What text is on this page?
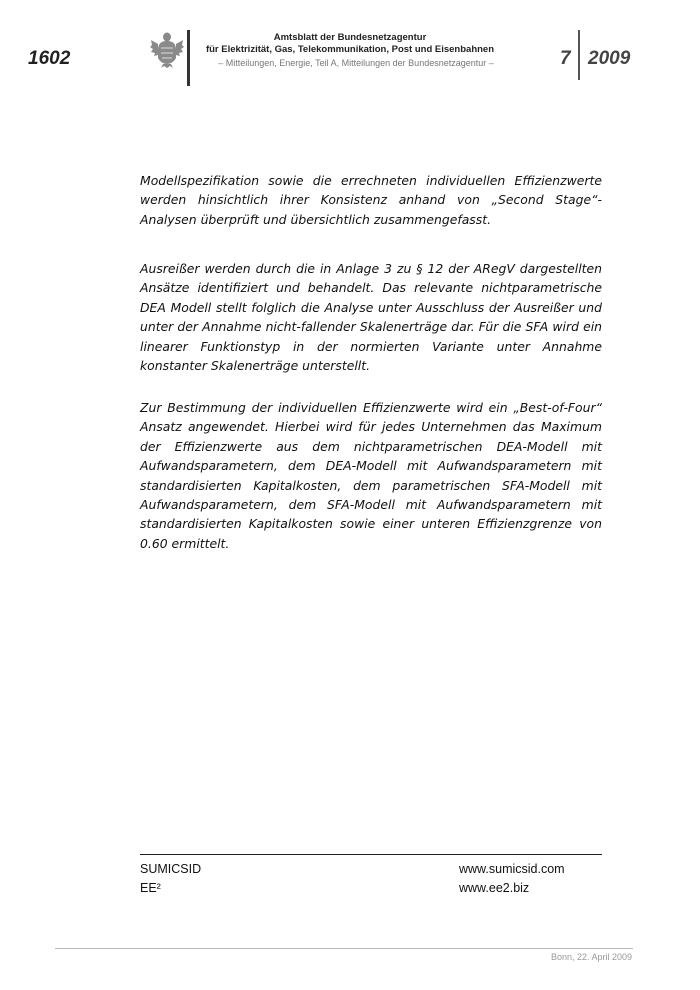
1602
Amtsblatt der Bundesnetzagentur
für Elektrizität, Gas, Telekommunikation, Post und Eisenbahnen
– Mitteilungen, Energie, Teil A, Mitteilungen der Bundesnetzagentur –	7 2009

Modellspezifikation sowie die errechneten individuellen Effizienzwerte werden hinsichtlich ihrer Konsistenz anhand von „Second Stage“-Analysen überprüft und übersichtlich zusammengefasst.

Ausreißer werden durch die in Anlage 3 zu § 12 der ARegV dargestellten Ansätze identifiziert und behandelt. Das relevante nichtparametrische DEA Modell stellt folglich die Analyse unter Ausschluss der Ausreißer und unter der Annahme nicht-fallender Skalenerträge dar. Für die SFA wird ein linearer Funktionstyp in der normierten Variante unter Annahme konstanter Skalenerträge unterstellt.

Zur Bestimmung der individuellen Effizienzwerte wird ein „Best-of-Four“ Ansatz angewendet. Hierbei wird für jedes Unternehmen das Maximum der Effizienzwerte aus dem nichtparametrischen DEA-Modell mit Aufwandsparametern, dem DEA-Modell mit Aufwandsparametern mit standardisierten Kapitalkosten, dem parametrischen SFA-Modell mit Aufwandsparametern, dem SFA-Modell mit Aufwandsparametern mit standardisierten Kapitalkosten sowie einer unteren Effizienzgrenze von 0.60 ermittelt.

SUMICSID
EE²
www.sumicsid.com
www.ee2.biz
Bonn, 22. April 2009
